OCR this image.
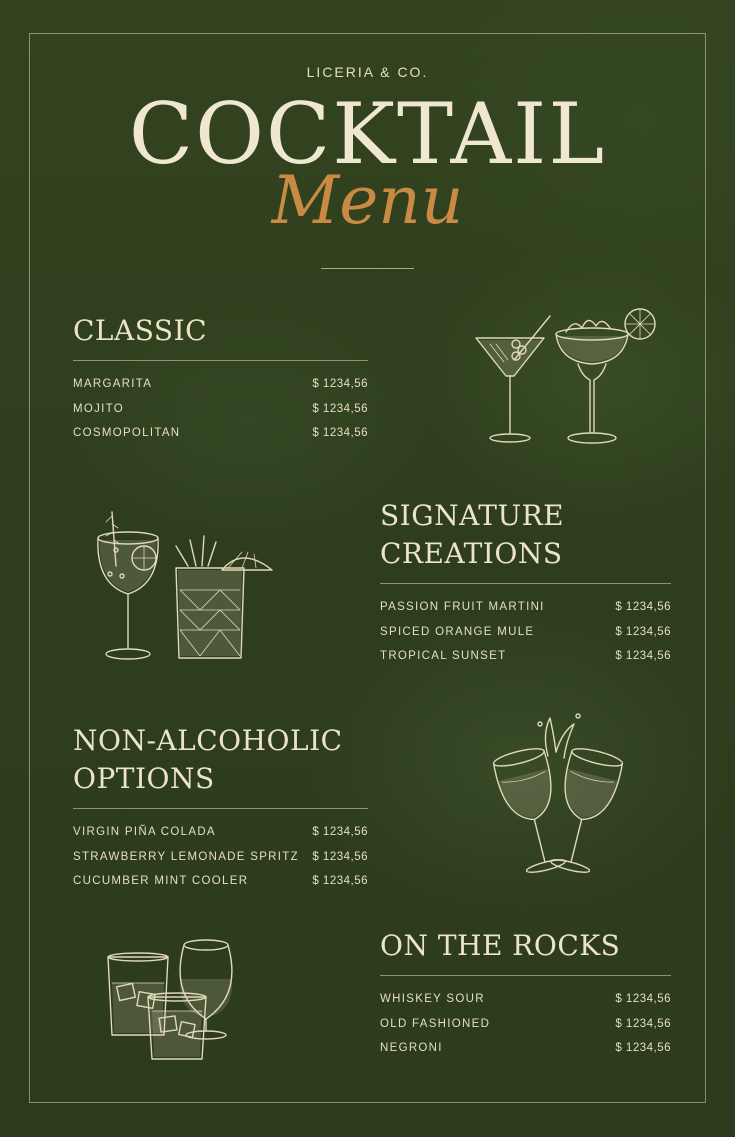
LICERIA & CO.
COCKTAIL
Menu
CLASSIC
MARGARITA	$ 1234,56
MOJITO	$ 1234,56
COSMOPOLITAN	$ 1234,56
SIGNATURE
CREATIONS
PASSION FRUIT MARTINI	$ 1234,56
SPICED ORANGE MULE	$ 1234,56
TROPICAL SUNSET	$ 1234,56
NON-ALCOHOLIC
OPTIONS
VIRGIN PIÑA COLADA	$ 1234,56
STRAWBERRY LEMONADE SPRITZ $ 1234,56
CUCUMBER MINT COOLER	$ 1234,56
ON THE ROCKS
WHISKEY SOUR	$ 1234,56
OLD FASHIONED	$ 1234,56
NEGRONI	$ 1234,56
